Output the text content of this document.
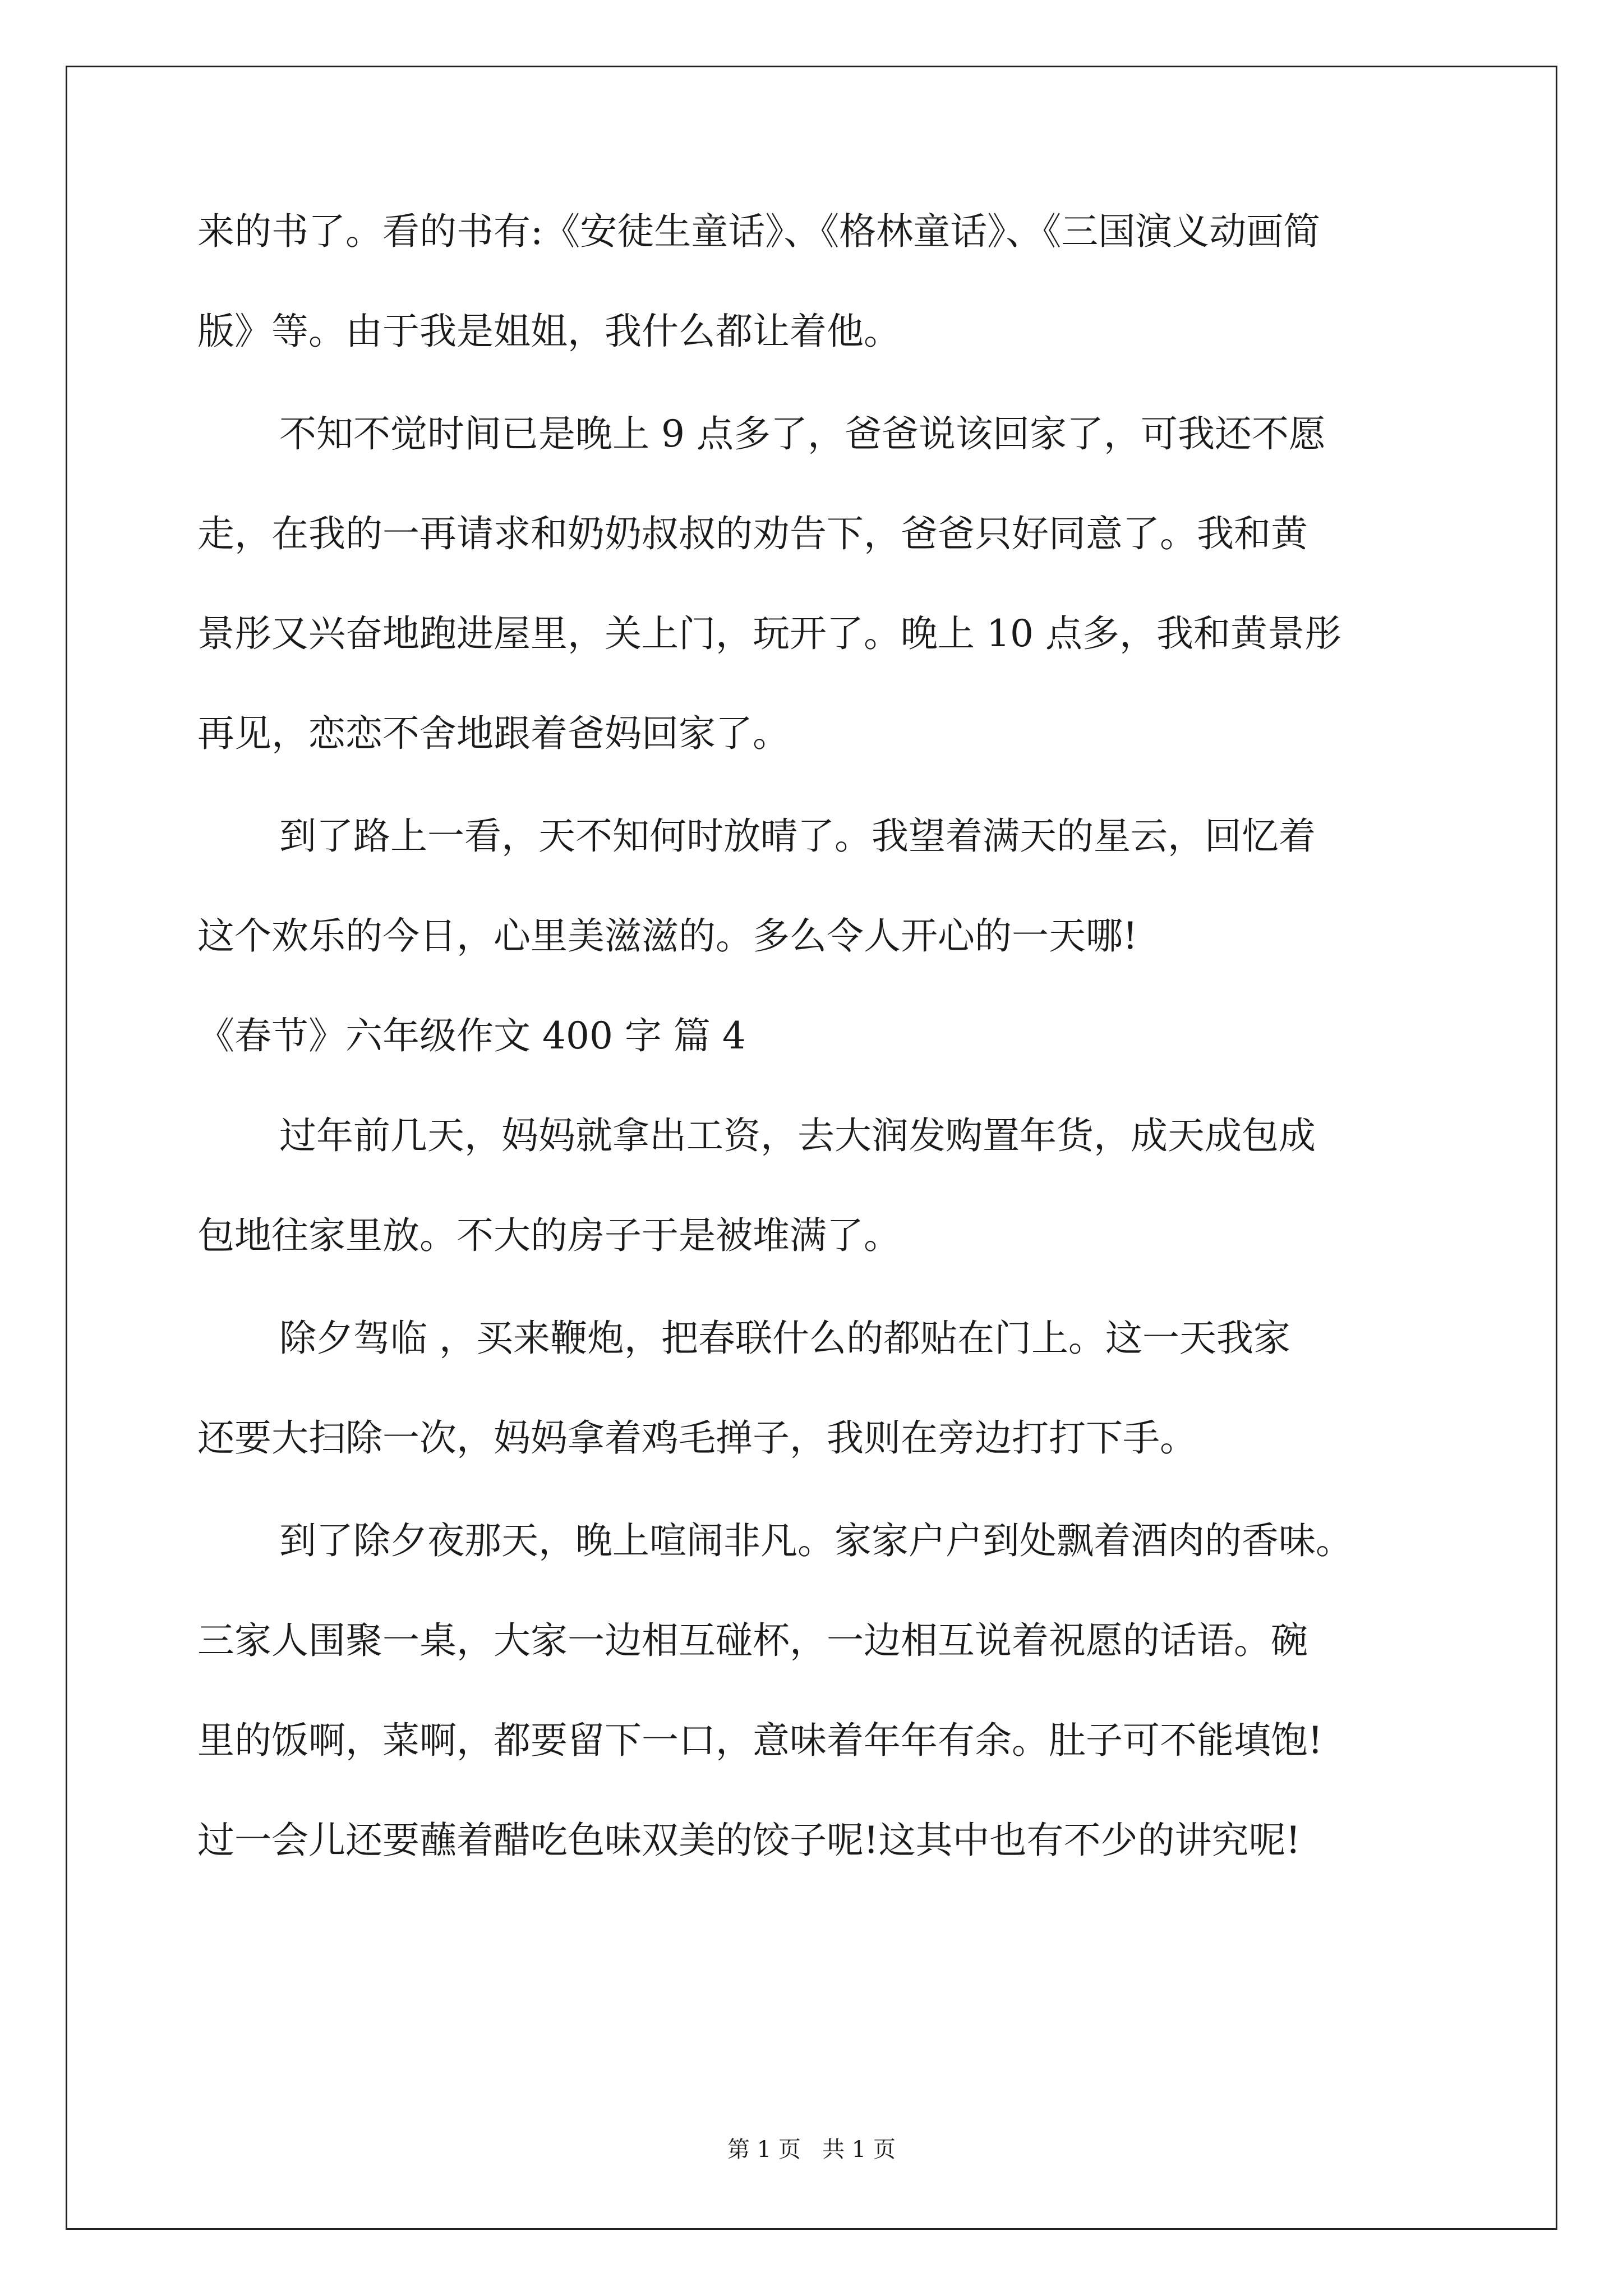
来的书了。看的书有:《安徒生童话》、《格林童话》、《三国演义动画简
版》等。由于我是姐姐，我什么都让着他。
不知不觉时间已是晚上 9 点多了，爸爸说该回家了，可我还不愿
走，在我的一再请求和奶奶叔叔的劝告下，爸爸只好同意了。我和黄
景彤又兴奋地跑进屋里，关上门，玩开了。晚上 10 点多，我和黄景彤
再见，恋恋不舍地跟着爸妈回家了。
到了路上一看，天不知何时放晴了。我望着满天的星云，回忆着
这个欢乐的今日，心里美滋滋的。多么令人开心的一天哪!
《春节》六年级作文 400 字 篇 4
过年前几天，妈妈就拿出工资，去大润发购置年货，成天成包成
包地往家里放。不大的房子于是被堆满了。
除夕驾临 ，买来鞭炮，把春联什么的都贴在门上。这一天我家
还要大扫除一次，妈妈拿着鸡毛掸子，我则在旁边打打下手。
到了除夕夜那天，晚上喧闹非凡。家家户户到处飘着酒肉的香味。
三家人围聚一桌，大家一边相互碰杯，一边相互说着祝愿的话语。碗
里的饭啊，菜啊，都要留下一口，意味着年年有余。肚子可不能填饱!
过一会儿还要蘸着醋吃色味双美的饺子呢!这其中也有不少的讲究呢!
第 1 页   共 1 页
